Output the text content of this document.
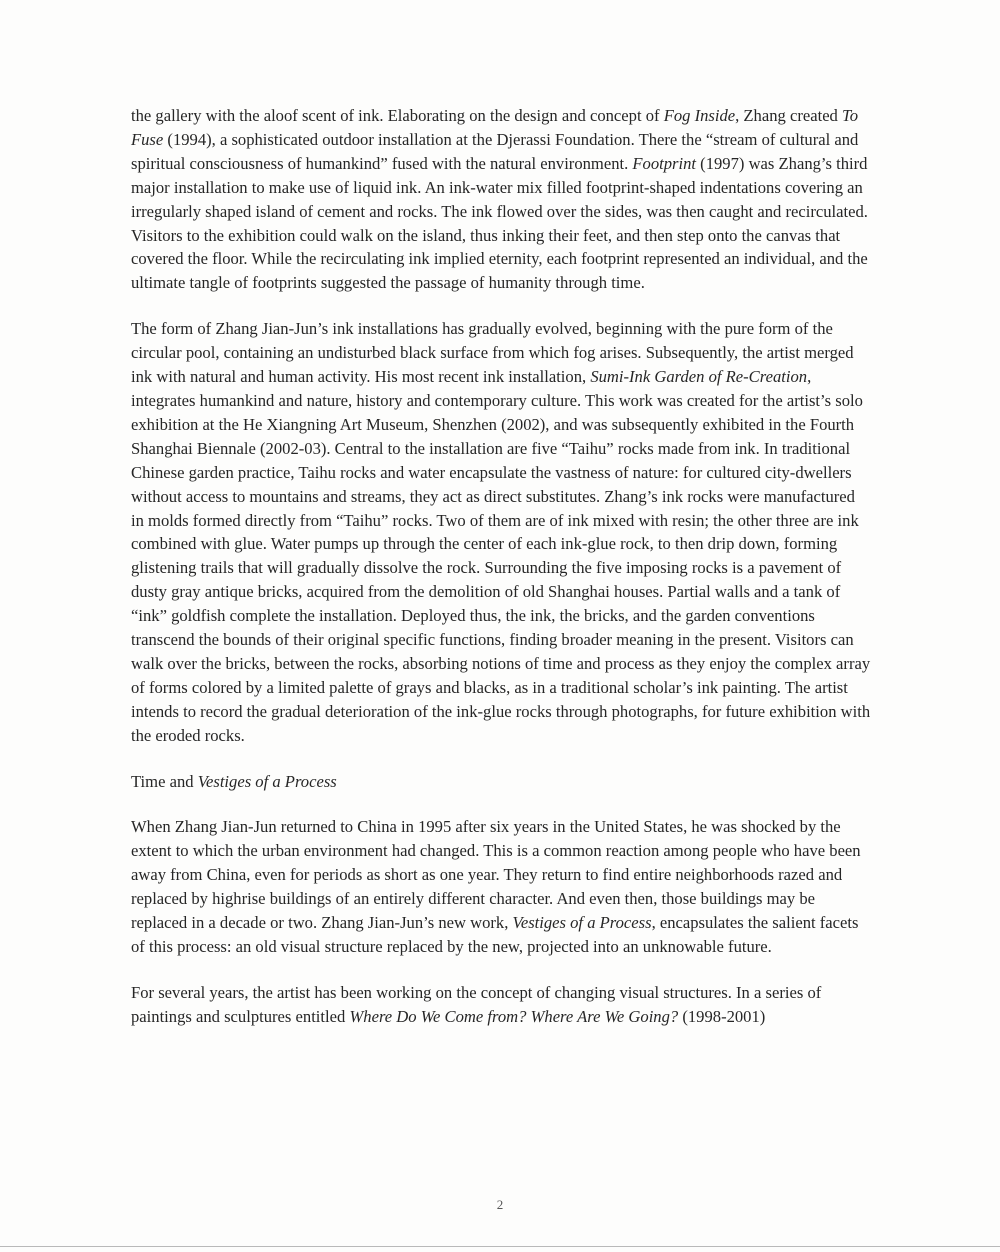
the gallery with the aloof scent of ink. Elaborating on the design and concept of Fog Inside, Zhang created To Fuse (1994), a sophisticated outdoor installation at the Djerassi Foundation. There the “stream of cultural and spiritual consciousness of humankind” fused with the natural environment. Footprint (1997) was Zhang’s third major installation to make use of liquid ink. An ink-water mix filled footprint-shaped indentations covering an irregularly shaped island of cement and rocks. The ink flowed over the sides, was then caught and recirculated. Visitors to the exhibition could walk on the island, thus inking their feet, and then step onto the canvas that covered the floor. While the recirculating ink implied eternity, each footprint represented an individual, and the ultimate tangle of footprints suggested the passage of humanity through time.

The form of Zhang Jian-Jun’s ink installations has gradually evolved, beginning with the pure form of the circular pool, containing an undisturbed black surface from which fog arises. Subsequently, the artist merged ink with natural and human activity. His most recent ink installation, Sumi-Ink Garden of Re-Creation, integrates humankind and nature, history and contemporary culture. This work was created for the artist’s solo exhibition at the He Xiangning Art Museum, Shenzhen (2002), and was subsequently exhibited in the Fourth Shanghai Biennale (2002-03). Central to the installation are five “Taihu” rocks made from ink. In traditional Chinese garden practice, Taihu rocks and water encapsulate the vastness of nature: for cultured city-dwellers without access to mountains and streams, they act as direct substitutes. Zhang’s ink rocks were manufactured in molds formed directly from “Taihu” rocks. Two of them are of ink mixed with resin; the other three are ink combined with glue. Water pumps up through the center of each ink-glue rock, to then drip down, forming glistening trails that will gradually dissolve the rock. Surrounding the five imposing rocks is a pavement of dusty gray antique bricks, acquired from the demolition of old Shanghai houses. Partial walls and a tank of “ink” goldfish complete the installation. Deployed thus, the ink, the bricks, and the garden conventions transcend the bounds of their original specific functions, finding broader meaning in the present. Visitors can walk over the bricks, between the rocks, absorbing notions of time and process as they enjoy the complex array of forms colored by a limited palette of grays and blacks, as in a traditional scholar’s ink painting. The artist intends to record the gradual deterioration of the ink-glue rocks through photographs, for future exhibition with the eroded rocks.

Time and Vestiges of a Process

When Zhang Jian-Jun returned to China in 1995 after six years in the United States, he was shocked by the extent to which the urban environment had changed. This is a common reaction among people who have been away from China, even for periods as short as one year. They return to find entire neighborhoods razed and replaced by highrise buildings of an entirely different character. And even then, those buildings may be replaced in a decade or two. Zhang Jian-Jun’s new work, Vestiges of a Process, encapsulates the salient facets of this process: an old visual structure replaced by the new, projected into an unknowable future.

For several years, the artist has been working on the concept of changing visual structures. In a series of paintings and sculptures entitled Where Do We Come from? Where Are We Going? (1998-2001)

2
